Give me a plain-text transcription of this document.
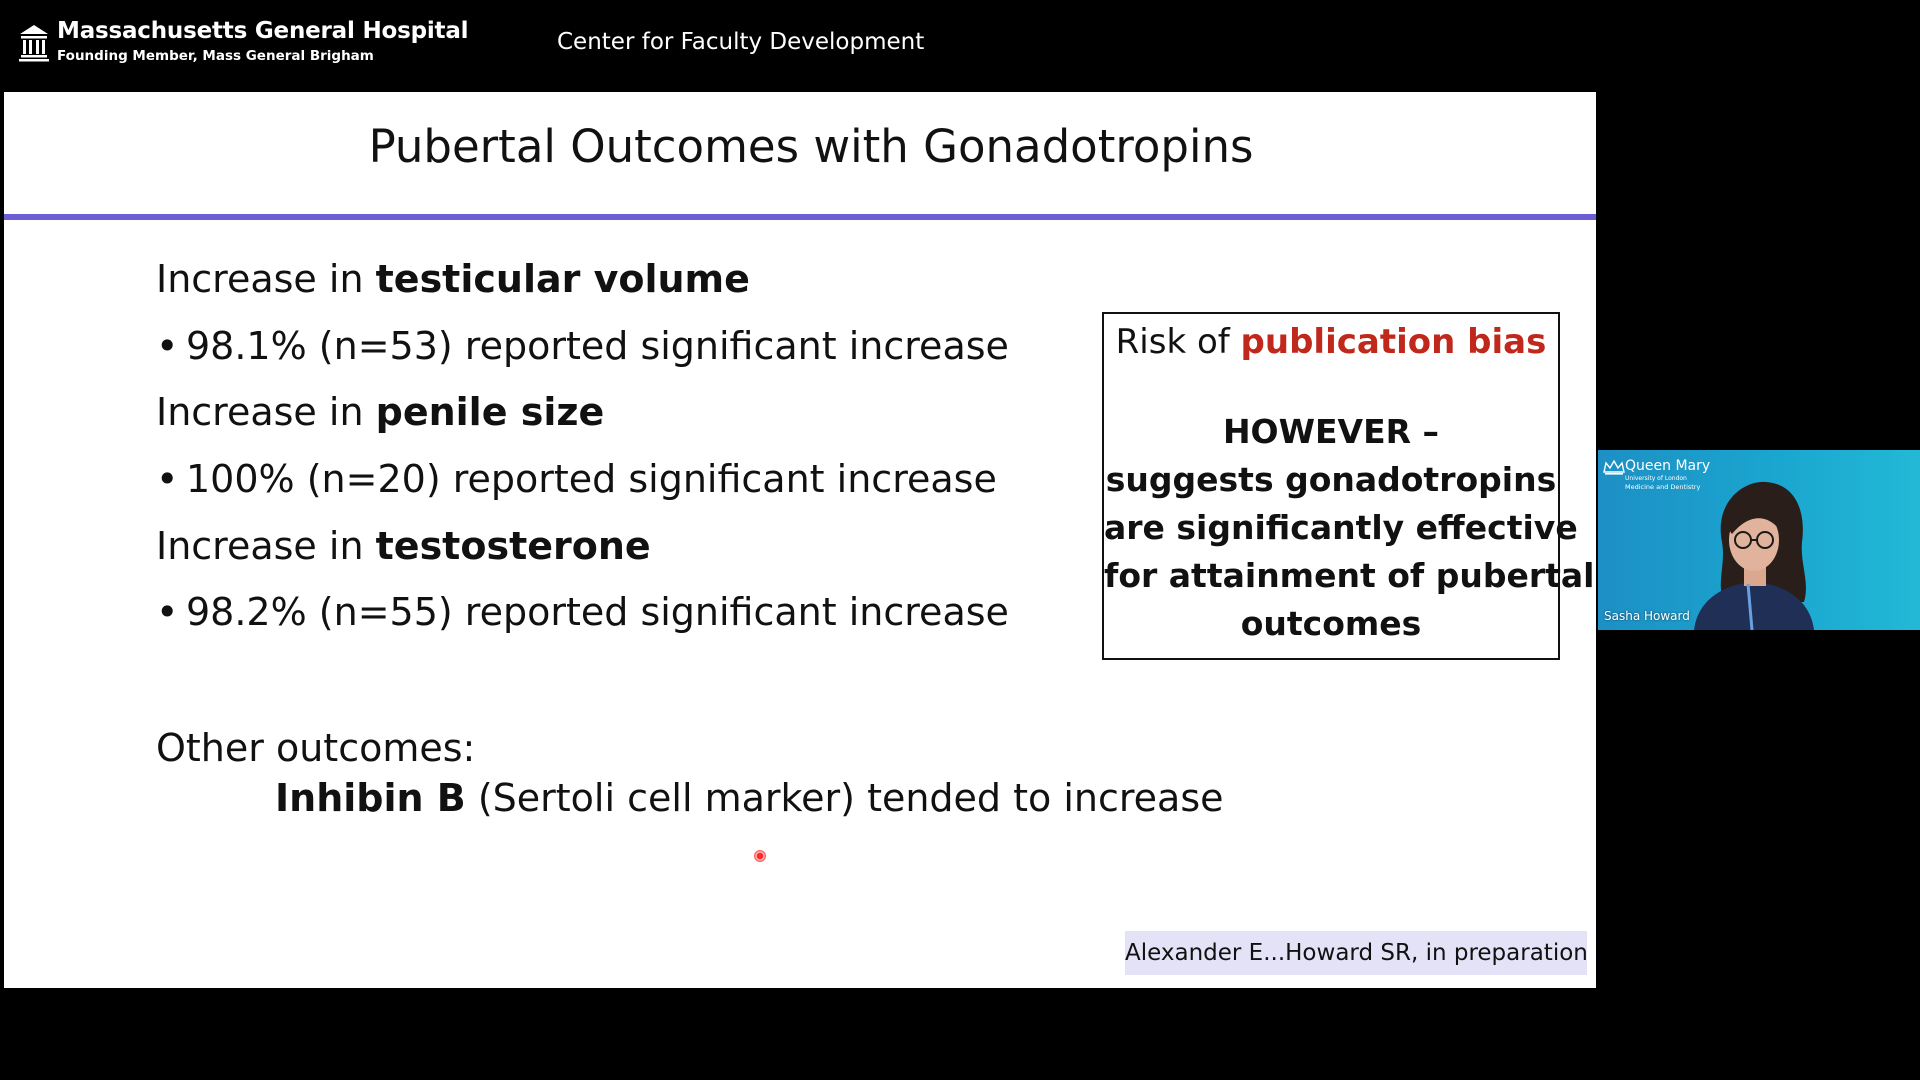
Massachusetts General Hospital
Founding Member, Mass General Brigham
Center for Faculty Development
Pubertal Outcomes with Gonadotropins
Increase in testicular volume
• 98.1% (n=53) reported significant increase
Increase in penile size
• 100% (n=20) reported significant increase
Increase in testosterone
• 98.2% (n=55) reported significant increase
Other outcomes:
Inhibin B (Sertoli cell marker) tended to increase
Risk of publication bias
HOWEVER –
suggests gonadotropins
are significantly effective
for attainment of pubertal
outcomes
Alexander E...Howard SR, in preparation
Queen Mary
University of London
Medicine and Dentistry
Sasha Howard
